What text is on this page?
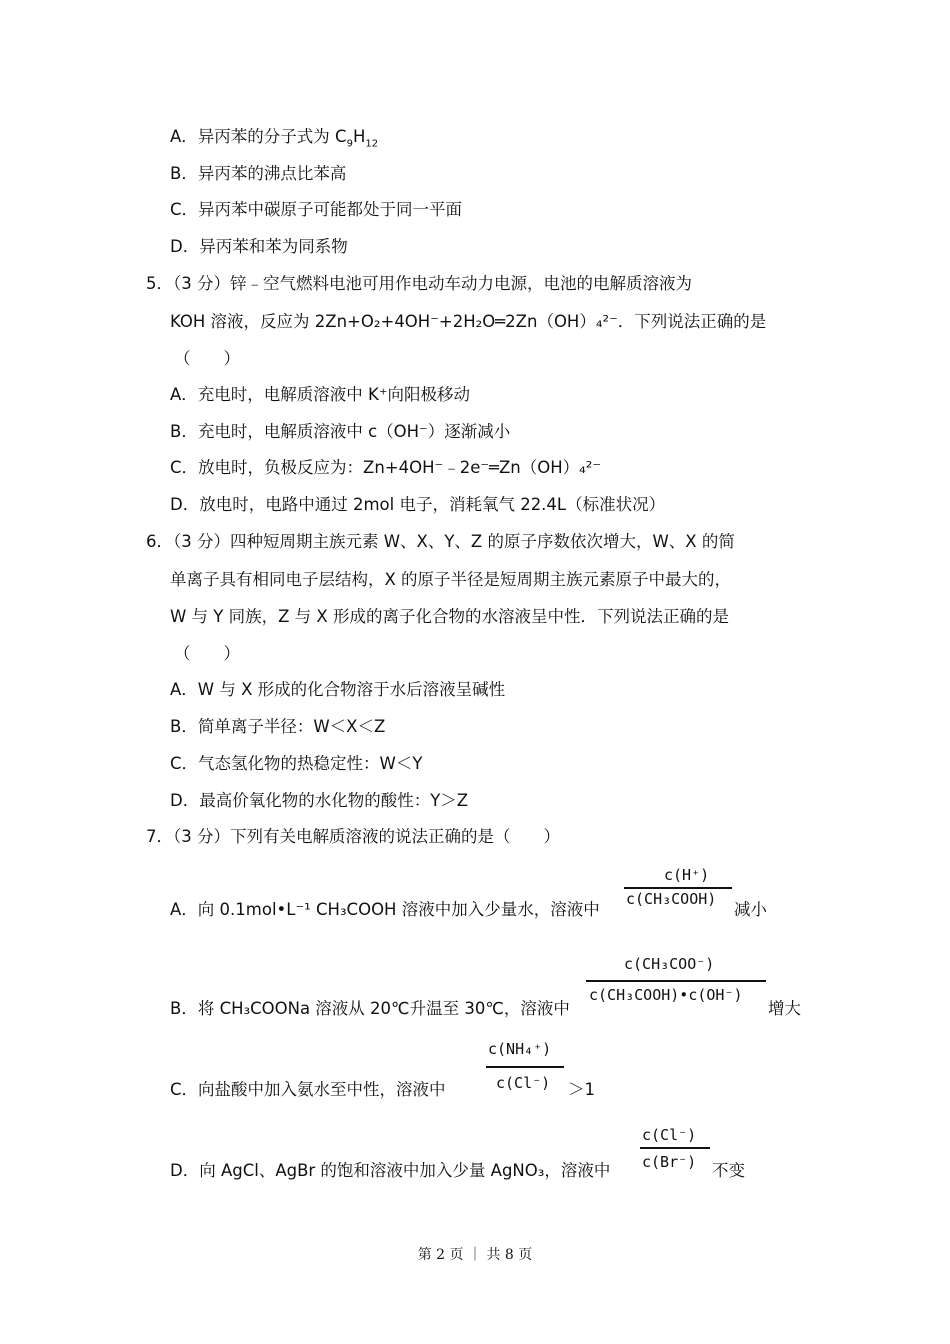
A．异丙苯的分子式为 $C_9H_{12}$
B．异丙苯的沸点比苯高
C．异丙苯中碳原子可能都处于同一平面
D．异丙苯和苯为同系物
5．（3 分）锌﹣空气燃料电池可用作电动车动力电源，电池的电解质溶液为
KOH 溶液，反应为 2Zn+O₂+4OH⁻+2H₂O═2Zn（OH）₄²⁻．下列说法正确的是
（　　）
A．充电时，电解质溶液中 K⁺向阳极移动
B．充电时，电解质溶液中 c（OH⁻）逐渐减小
C．放电时，负极反应为：Zn+4OH⁻﹣2e⁻═Zn（OH）₄²⁻
D．放电时，电路中通过 2mol 电子，消耗氧气 22.4L（标准状况）
6．（3 分）四种短周期主族元素 W、X、Y、Z 的原子序数依次增大，W、X 的简
单离子具有相同电子层结构，X 的原子半径是短周期主族元素原子中最大的，
W 与 Y 同族，Z 与 X 形成的离子化合物的水溶液呈中性．下列说法正确的是
（　　）
A．W 与 X 形成的化合物溶于水后溶液呈碱性
B．简单离子半径：W＜X＜Z
C．气态氢化物的热稳定性：W＜Y
D．最高价氧化物的水化物的酸性：Y＞Z
7．（3 分）下列有关电解质溶液的说法正确的是（　　）
A．向 0.1mol•L⁻¹ CH₃COOH 溶液中加入少量水，溶液中
c(H⁺)
c(CH₃COOH)
减小
B．将 CH₃COONa 溶液从 20℃升温至 30℃，溶液中
c(CH₃COO⁻)
c(CH₃COOH)•c(OH⁻)
增大
C．向盐酸中加入氨水至中性，溶液中
c(NH₄⁺)
c(Cl⁻) ＞1
D．向 AgCl、AgBr 的饱和溶液中加入少量 AgNO₃，溶液中
c(Cl⁻)
c(Br⁻) 不变
第 2 页 ｜ 共 8 页
